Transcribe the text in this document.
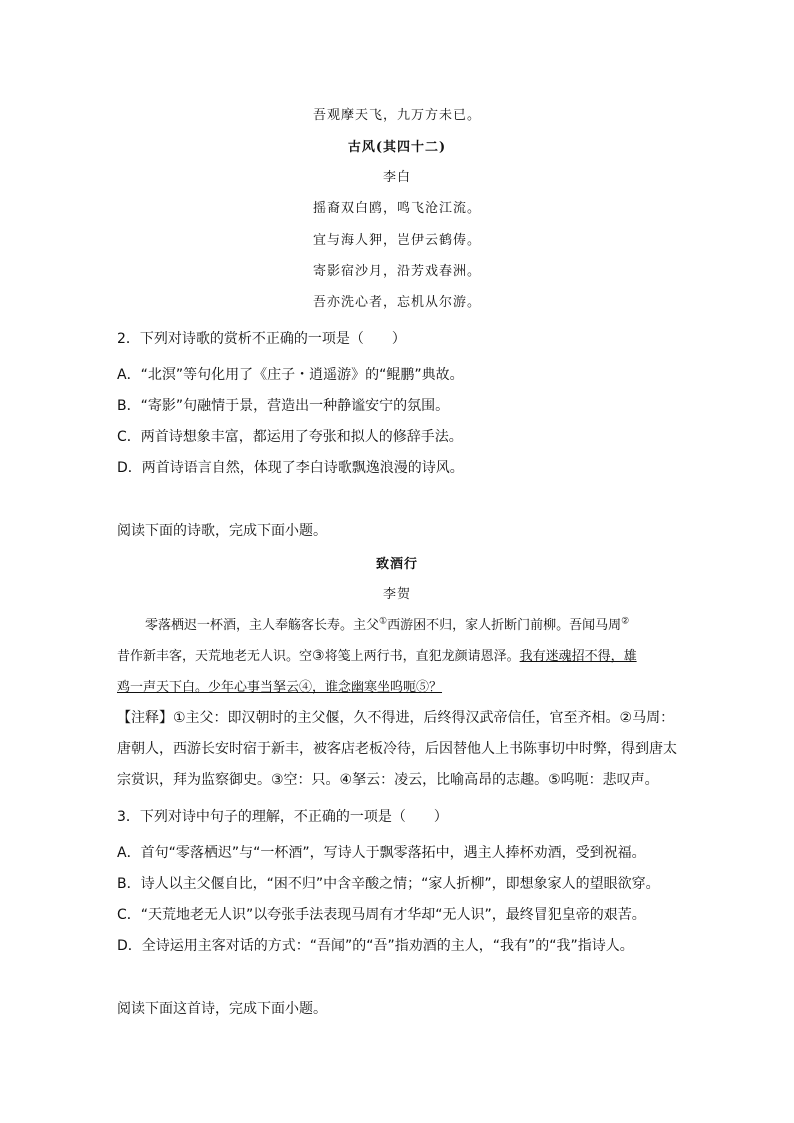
吾观摩天飞，九万方未已。
古风(其四十二)
李白
摇裔双白鸥，鸣飞沧江流。
宜与海人狎，岂伊云鹤俦。
寄影宿沙月，沿芳戏春洲。
吾亦洗心者，忘机从尔游。
2．下列对诗歌的赏析不正确的一项是（　　）
A．“北溟”等句化用了《庄子・逍遥游》的“鲲鹏”典故。
B．“寄影”句融情于景，营造出一种静谧安宁的氛围。
C．两首诗想象丰富，都运用了夸张和拟人的修辞手法。
D．两首诗语言自然，体现了李白诗歌飘逸浪漫的诗风。
阅读下面的诗歌，完成下面小题。
致酒行
李贺
零落栖迟一杯酒，主人奉觞客长寿。主父①西游困不归，家人折断门前柳。吾闻马周②
昔作新丰客，天荒地老无人识。空③将笺上两行书，直犯龙颜请恩泽。我有迷魂招不得，雄
鸡一声天下白。少年心事当拏云④，谁念幽寒坐呜呃⑤？
【注释】①主父：即汉朝时的主父偃，久不得进，后终得汉武帝信任，官至齐相。②马周：
唐朝人，西游长安时宿于新丰，被客店老板冷待，后因替他人上书陈事切中时弊，得到唐太
宗赏识，拜为监察御史。③空：只。④拏云：凌云，比喻高昂的志趣。⑤呜呃：悲叹声。
3．下列对诗中句子的理解，不正确的一项是（　　）
A．首句“零落栖迟”与“一杯酒”，写诗人于飘零落拓中，遇主人捧杯劝酒，受到祝福。
B．诗人以主父偃自比，“困不归”中含辛酸之情；“家人折柳”，即想象家人的望眼欲穿。
C．“天荒地老无人识”以夸张手法表现马周有才华却“无人识”，最终冒犯皇帝的艰苦。
D．全诗运用主客对话的方式：“吾闻”的“吾”指劝酒的主人，“我有”的“我”指诗人。
阅读下面这首诗，完成下面小题。
